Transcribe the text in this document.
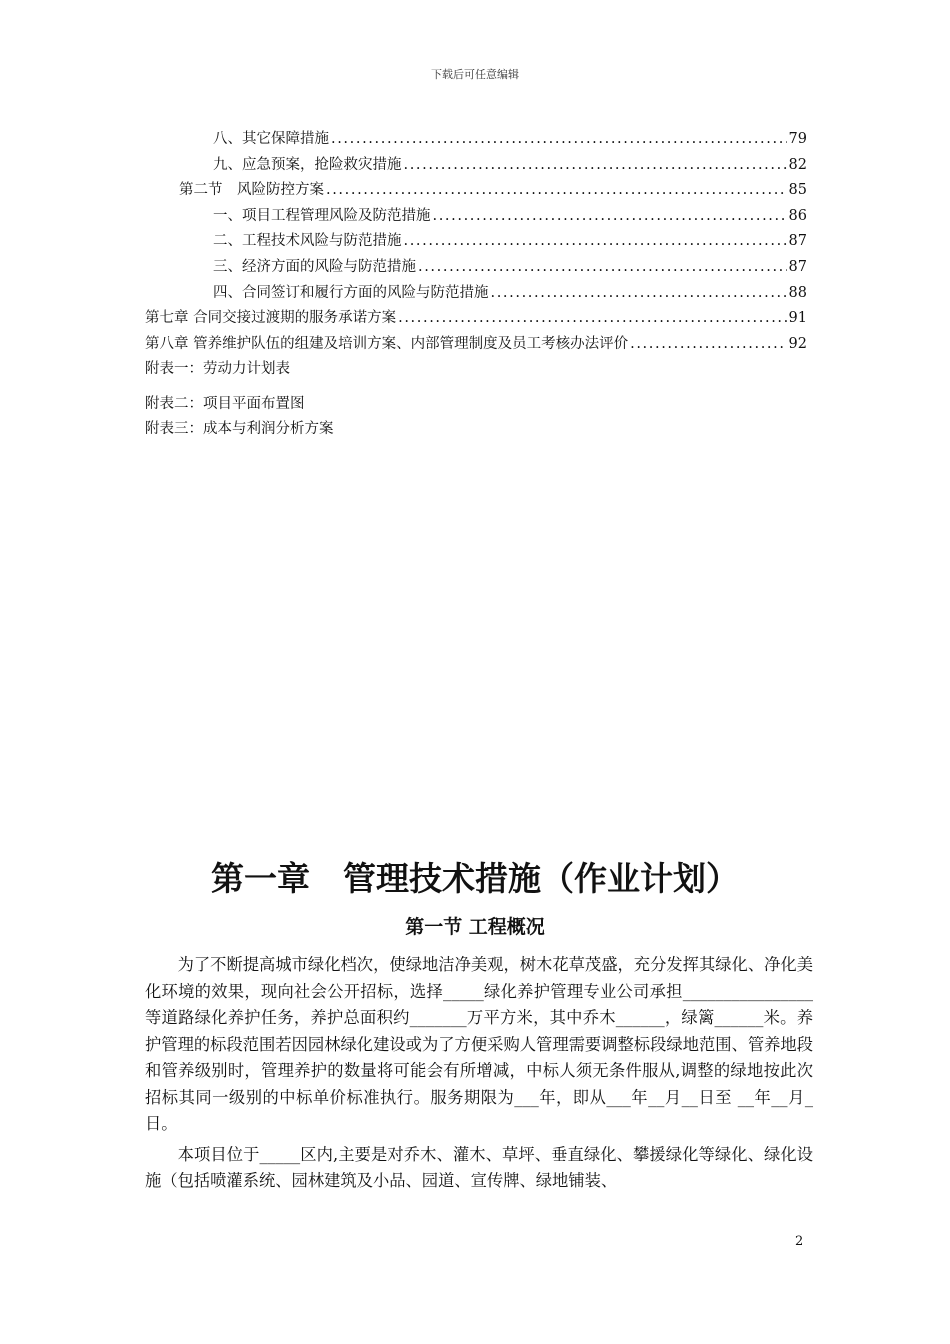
下载后可任意编辑
八、其它保障措施 . . .	79
九、应急预案，抢险救灾措施 . . .	82
第二节　风险防控方案 . . .	85
一、项目工程管理风险及防范措施 . . .	86
二、工程技术风险与防范措施 . . .	87
三、经济方面的风险与防范措施 . . .	87
四、合同签订和履行方面的风险与防范措施 . . .	88
第七章 合同交接过渡期的服务承诺方案 . . .	91
第八章 管养维护队伍的组建及培训方案、内部管理制度及员工考核办法评价 . . .	92
附表一：劳动力计划表
附表二：项目平面布置图
附表三：成本与利润分析方案
第一章　管理技术措施（作业计划）
第一节 工程概况

为了不断提高城市绿化档次，使绿地洁净美观，树木花草茂盛，充分发挥其绿化、净化美化环境的效果，现向社会公开招标，选择_____绿化养护管理专业公司承担________________等道路绿化养护任务，养护总面积约_______万平方米，其中乔木______，绿篱______米。养护管理的标段范围若因园林绿化建设或为了方便采购人管理需要调整标段绿地范围、管养地段和管养级别时，管理养护的数量将可能会有所增减，中标人须无条件服从,调整的绿地按此次招标其同一级别的中标单价标准执行。服务期限为___年，即从___年__月__日至 __年__月_日。

本项目位于_____区内,主要是对乔木、灌木、草坪、垂直绿化、攀援绿化等绿化、绿化设施（包括喷灌系统、园林建筑及小品、园道、宣传牌、绿地铺装、

2
